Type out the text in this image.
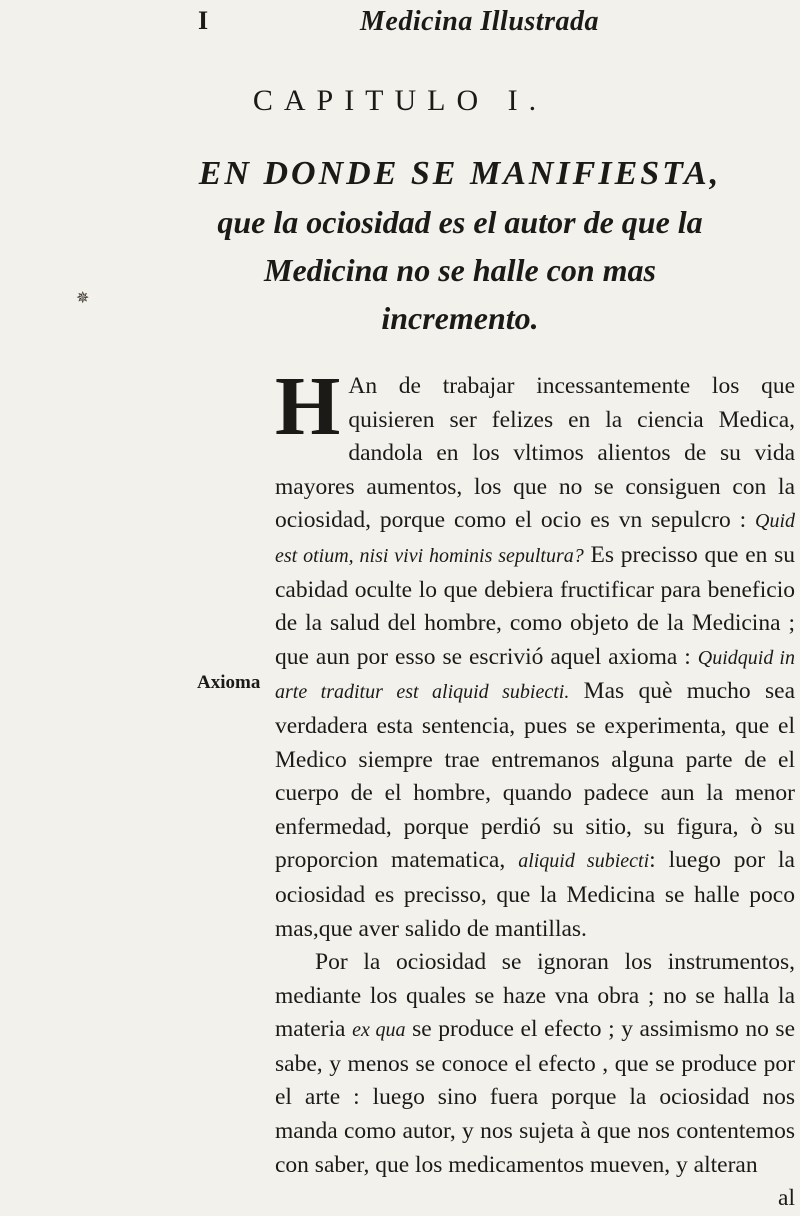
I	Medicina Illustrada
CAPITULO I.
EN DONDE SE MANIFIESTA,
que la ociosidad es el autor de que la
Medicina no se halle con mas
incremento.
✵
Axioma

H An de trabajar incessantemente los que quisieren ser felizes en la ciencia Medica, dandola en los vltimos alientos de su vida mayores aumentos, los que no se consiguen con la ociosidad, porque como el ocio es vn sepulcro : Quid est otium, nisi vivi hominis sepultura? Es precisso que en su cabidad oculte lo que debiera fructificar para beneficio de la salud del hombre, como objeto de la Medicina ; que aun por esso se escrivió aquel axioma : Quidquid in arte traditur est aliquid subiecti. Mas què mucho sea verdadera esta sentencia, pues se experimenta, que el Medico siempre trae entremanos alguna parte de el cuerpo de el hombre, quando padece aun la menor enfermedad, porque perdió su sitio, su figura, ò su proporcion matematica, aliquid subiecti: luego por la ociosidad es precisso, que la Medicina se halle poco mas,que aver salido de mantillas.

Por la ociosidad se ignoran los instrumentos, mediante los quales se haze vna obra ; no se halla la materia ex qua se produce el efecto ; y assimismo no se sabe, y menos se conoce el efecto , que se produce por el arte : luego sino fuera porque la ociosidad nos manda como autor, y nos sujeta à que nos contentemos con saber, que los medicamentos mueven, y alteran

al
